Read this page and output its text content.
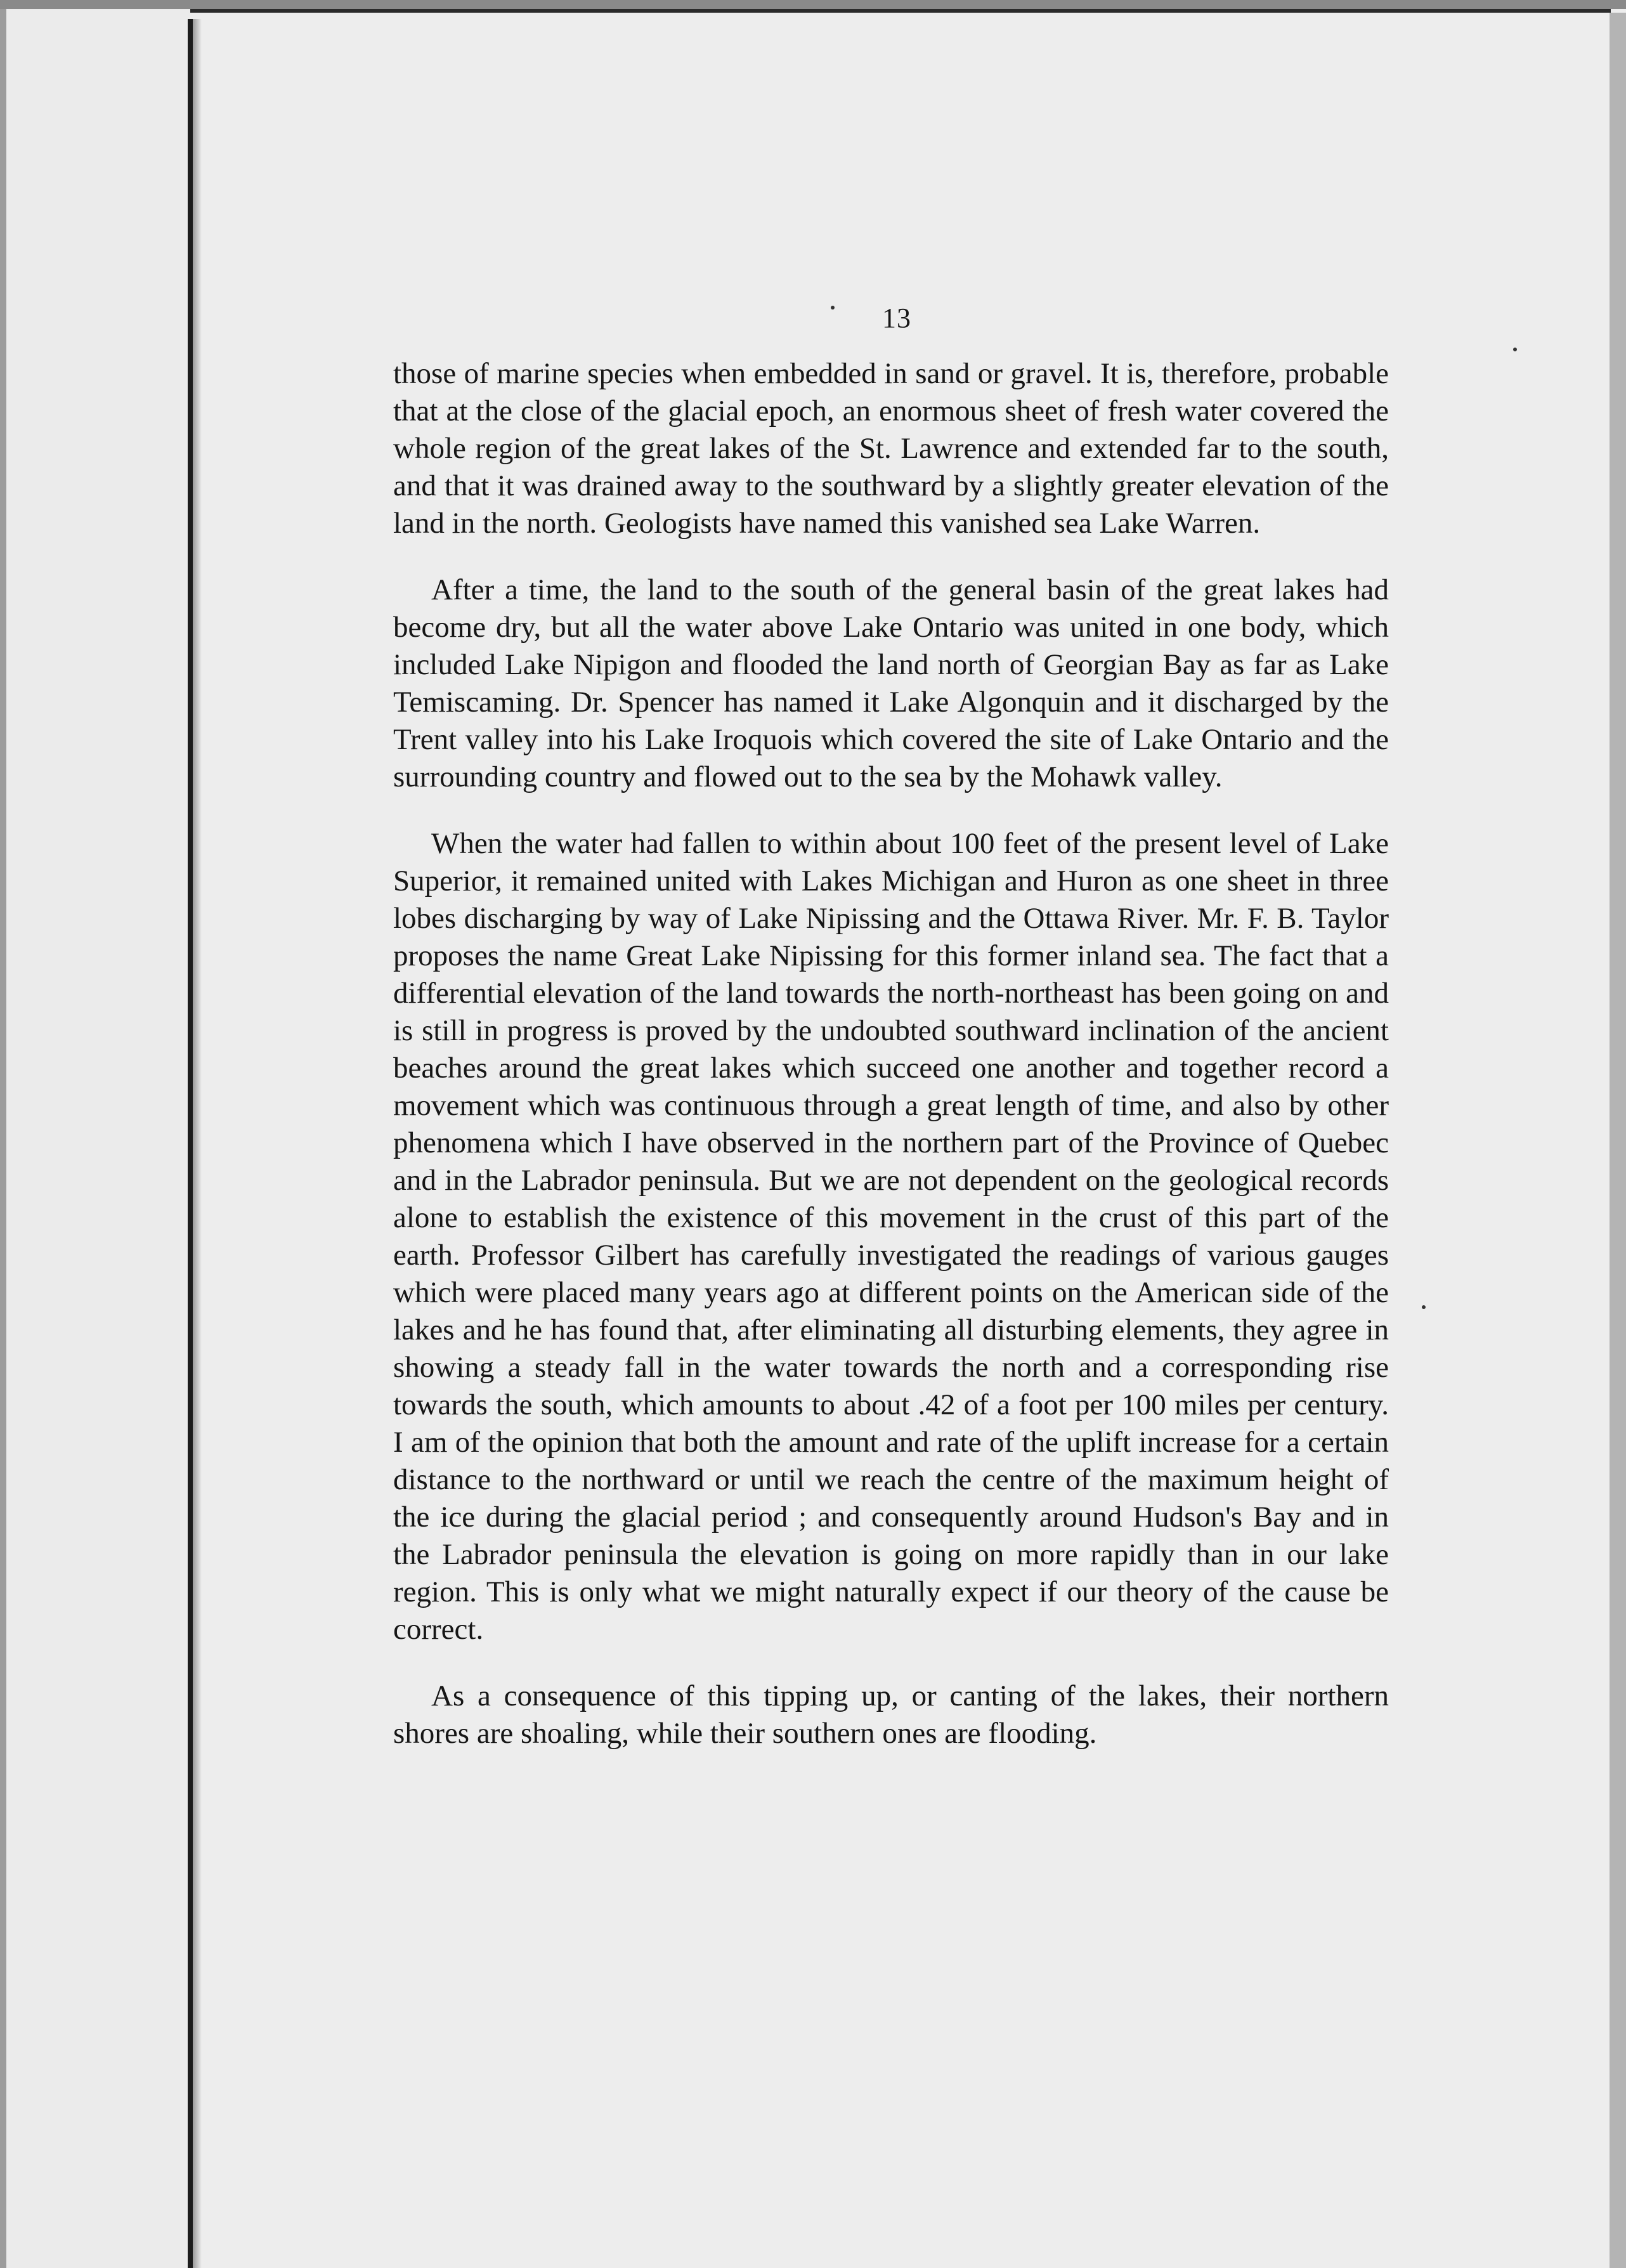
13

those of marine species when embedded in sand or gravel. It is, therefore, probable that at the close of the glacial epoch, an enormous sheet of fresh water covered the whole region of the great lakes of the St. Lawrence and extended far to the south, and that it was drained away to the southward by a slightly greater elevation of the land in the north. Geologists have named this vanished sea Lake Warren.

After a time, the land to the south of the general basin of the great lakes had become dry, but all the water above Lake Ontario was united in one body, which included Lake Nipigon and flooded the land north of Georgian Bay as far as Lake Temiscaming. Dr. Spencer has named it Lake Algonquin and it discharged by the Trent valley into his Lake Iroquois which covered the site of Lake Ontario and the surrounding country and flowed out to the sea by the Mohawk valley.

When the water had fallen to within about 100 feet of the present level of Lake Superior, it remained united with Lakes Michigan and Huron as one sheet in three lobes discharging by way of Lake Nipissing and the Ottawa River. Mr. F. B. Taylor proposes the name Great Lake Nipissing for this former inland sea. The fact that a differential elevation of the land towards the north-northeast has been going on and is still in progress is proved by the undoubted southward inclination of the ancient beaches around the great lakes which succeed one another and together record a movement which was continuous through a great length of time, and also by other phenomena which I have observed in the northern part of the Province of Quebec and in the Labrador peninsula. But we are not dependent on the geological records alone to establish the existence of this movement in the crust of this part of the earth. Professor Gilbert has carefully investigated the readings of various gauges which were placed many years ago at different points on the American side of the lakes and he has found that, after eliminating all disturbing elements, they agree in showing a steady fall in the water towards the north and a corresponding rise towards the south, which amounts to about .42 of a foot per 100 miles per century. I am of the opinion that both the amount and rate of the uplift increase for a certain distance to the northward or until we reach the centre of the maximum height of the ice during the glacial period ; and consequently around Hudson's Bay and in the Labrador peninsula the elevation is going on more rapidly than in our lake region. This is only what we might naturally expect if our theory of the cause be correct.

As a consequence of this tipping up, or canting of the lakes, their northern shores are shoaling, while their southern ones are flooding.
